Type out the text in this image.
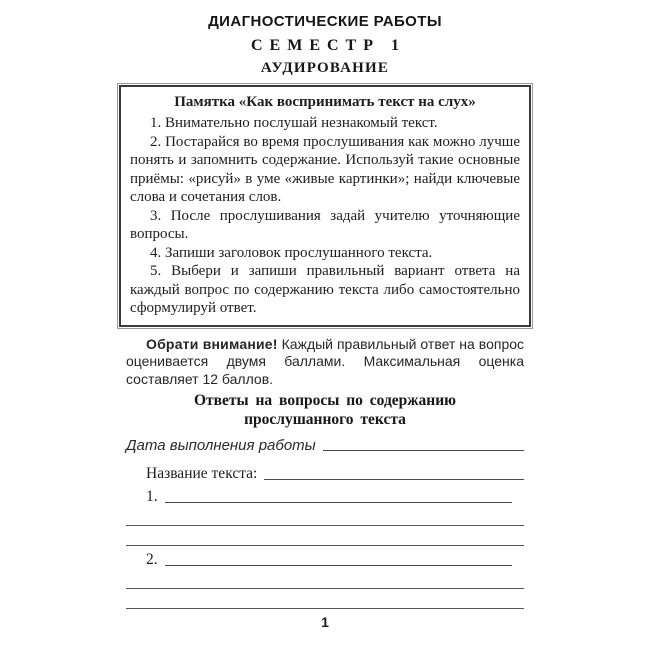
ДИАГНОСТИЧЕСКИЕ РАБОТЫ
СЕМЕСТР 1
АУДИРОВАНИЕ
Памятка «Как воспринимать текст на слух»

1. Внимательно послушай незнакомый текст.

2. Постарайся во время прослушивания как можно лучше понять и запомнить содержание. Используй такие основные приёмы: «рисуй» в уме «живые картинки»; найди ключевые слова и сочетания слов.

3. После прослушивания задай учителю уточняющие вопросы.

4. Запиши заголовок прослушанного текста.

5. Выбери и запиши правильный вариант ответа на каждый вопрос по содержанию текста либо самостоятельно сформулируй ответ.

Обрати внимание! Каждый правильный ответ на вопрос оценивается двумя баллами. Максимальная оценка составляет 12 баллов.

Ответы на вопросы по содержанию прослушанного текста
Дата выполнения работы
Название текста:
1.
2.
1
